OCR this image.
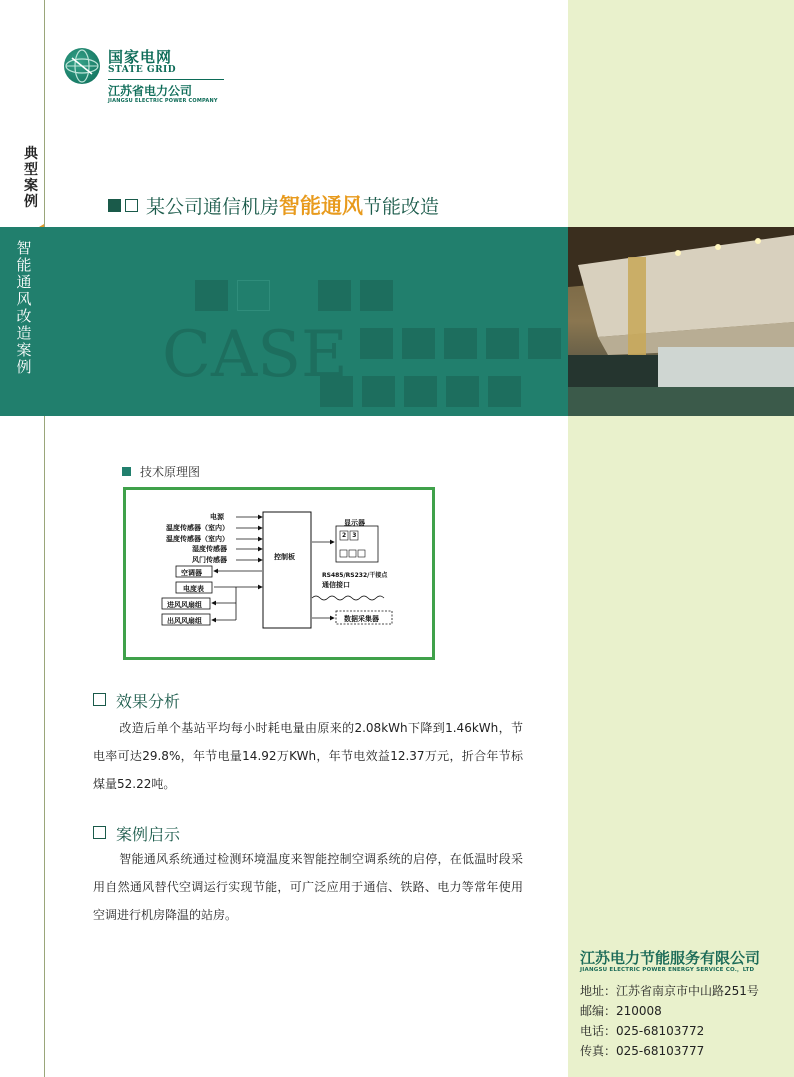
国家电网
STATE GRID
江苏省电力公司
JIANGSU ELECTRIC POWER COMPANY
典型案例	某公司通信机房智能通风节能改造
智能通风改造案例 CASE
技术原理图
电源
温度传感器（室内）
温度传感器（室内）
湿度传感器
风门传感器
空调器
电度表
进风风扇组
出风风扇组
控制板
显示器
2 3
RS485/RS232/干接点
通信接口
数据采集器
效果分析
改造后单个基站平均每小时耗电量由原来的2.08kWh下降到1.46kWh，节电率可达29.8%，年节电量14.92万KWh，年节电效益12.37万元，折合年节标煤量52.22吨。
案例启示
智能通风系统通过检测环境温度来智能控制空调系统的启停，在低温时段采用自然通风替代空调运行实现节能，可广泛应用于通信、铁路、电力等常年使用空调进行机房降温的站房。
江苏电力节能服务有限公司
JIANGSU ELECTRIC POWER ENERGY SERVICE CO.，LTD
地址：江苏省南京市中山路251号
邮编：210008
电话：025-68103772
传真：025-68103777
